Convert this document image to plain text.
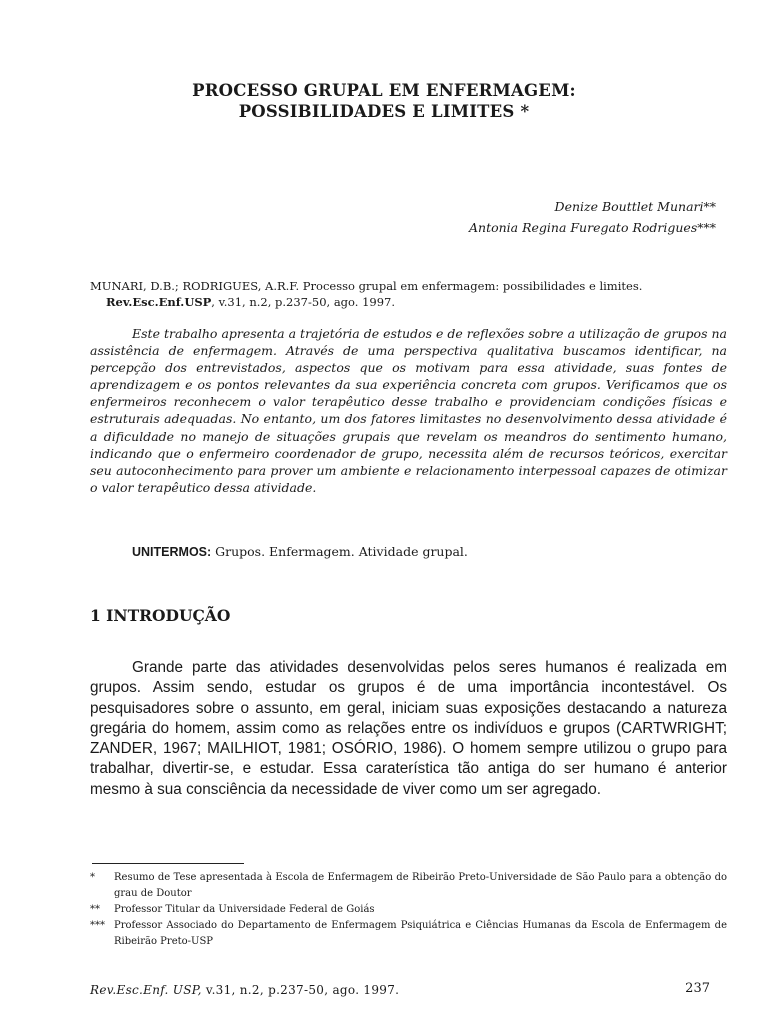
PROCESSO GRUPAL EM ENFERMAGEM:
POSSIBILIDADES E LIMITES *
Denize Bouttlet Munari**
Antonia Regina Furegato Rodrigues***
MUNARI, D.B.; RODRIGUES, A.R.F. Processo grupal em enfermagem: possibilidades e limites.
Rev.Esc.Enf.USP, v.31, n.2, p.237-50, ago. 1997.
Este trabalho apresenta a trajetória de estudos e de reflexões sobre a utilização de grupos na assistência de enfermagem. Através de uma perspectiva qualitativa buscamos identificar, na percepção dos entrevistados, aspectos que os motivam para essa atividade, suas fontes de aprendizagem e os pontos relevantes da sua experiência concreta com grupos. Verificamos que os enfermeiros reconhecem o valor terapêutico desse trabalho e providenciam condições físicas e estruturais adequadas. No entanto, um dos fatores limitastes no desenvolvimento dessa atividade é a dificuldade no manejo de situações grupais que revelam os meandros do sentimento humano, indicando que o enfermeiro coordenador de grupo, necessita além de recursos teóricos, exercitar seu autoconhecimento para prover um ambiente e relacionamento interpessoal capazes de otimizar o valor terapêutico dessa atividade.
UNITERMOS: Grupos. Enfermagem. Atividade grupal.
1 INTRODUÇÃO
Grande parte das atividades desenvolvidas pelos seres humanos é realizada em grupos. Assim sendo, estudar os grupos é de uma importância incontestável. Os pesquisadores sobre o assunto, em geral, iniciam suas exposições destacando a natureza gregária do homem, assim como as relações entre os indivíduos e grupos (CARTWRIGHT; ZANDER, 1967; MAILHIOT, 1981; OSÓRIO, 1986). O homem sempre utilizou o grupo para trabalhar, divertir-se, e estudar. Essa caraterística tão antiga do ser humano é anterior mesmo à sua consciência da necessidade de viver como um ser agregado.
* Resumo de Tese apresentada à Escola de Enfermagem de Ribeirão Preto-Universidade de São Paulo para a obtenção do grau de Doutor
** Professor Titular da Universidade Federal de Goiás
*** Professor Associado do Departamento de Enfermagem Psiquiátrica e Ciências Humanas da Escola de Enfermagem de Ribeirão Preto-USP
Rev.Esc.Enf. USP, v.31, n.2, p.237-50, ago. 1997.	237
